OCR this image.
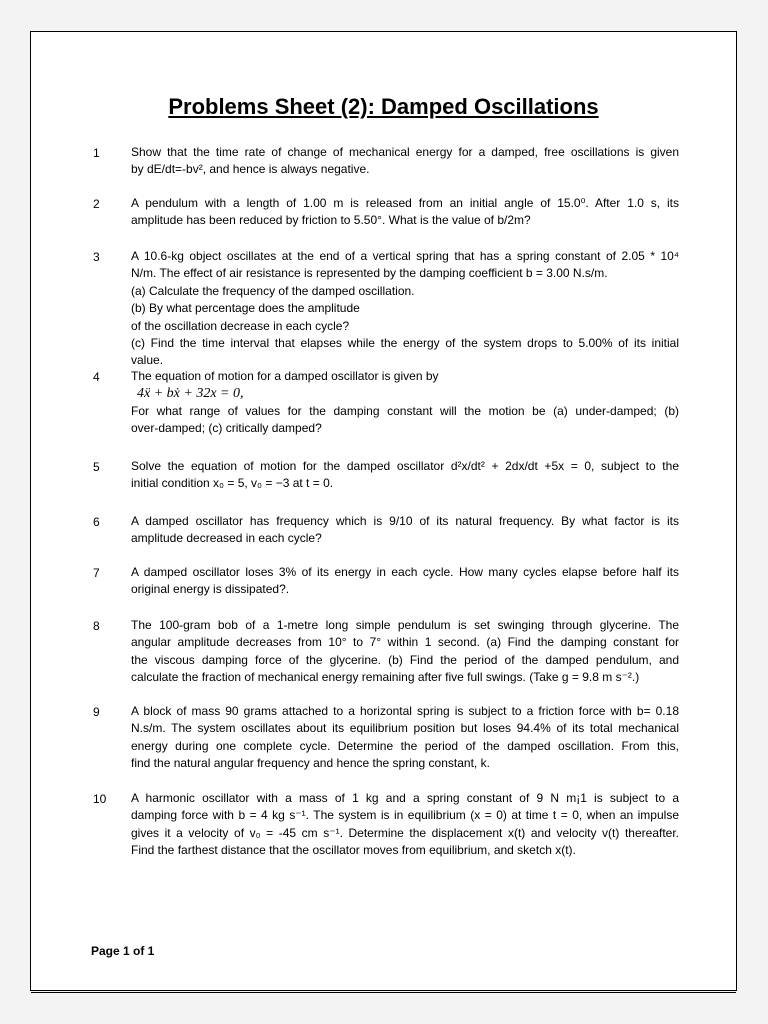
Problems Sheet (2): Damped Oscillations
1	Show that the time rate of change of mechanical energy for a damped, free oscillations is given
by dE/dt=-bv², and hence is always negative.
2	A pendulum with a length of 1.00 m is released from an initial angle of 15.0⁰. After 1.0 s, its
amplitude has been reduced by friction to 5.50°. What is the value of b/2m?
3	A 10.6-kg object oscillates at the end of a vertical spring that has a spring constant of 2.05 * 10⁴
N/m. The effect of air resistance is represented by the damping coefficient b = 3.00 N.s/m.
(a) Calculate the frequency of the damped oscillation.
(b) By what percentage does the amplitude
of the oscillation decrease in each cycle?
(c) Find the time interval that elapses while the energy of the system drops to 5.00% of its initial
value.
4	The equation of motion for a damped oscillator is given by
4ẍ + bẋ + 32x = 0,
For what range of values for the damping constant will the motion be (a) under-damped; (b)
over-damped; (c) critically damped?
5	Solve the equation of motion for the damped oscillator d²x/dt² + 2dx/dt +5x = 0, subject to the
initial condition x₀ = 5, v₀ = −3 at t = 0.
6	A damped oscillator has frequency which is 9/10 of its natural frequency. By what factor is its
amplitude decreased in each cycle?
7	A damped oscillator loses 3% of its energy in each cycle. How many cycles elapse before half its
original energy is dissipated?.
8	The 100-gram bob of a 1-metre long simple pendulum is set swinging through glycerine. The
angular amplitude decreases from 10° to 7° within 1 second. (a) Find the damping constant for
the viscous damping force of the glycerine. (b) Find the period of the damped pendulum, and
calculate the fraction of mechanical energy remaining after five full swings. (Take g = 9.8 m s⁻².)
9	A block of mass 90 grams attached to a horizontal spring is subject to a friction force with b= 0.18
N.s/m. The system oscillates about its equilibrium position but loses 94.4% of its total mechanical
energy during one complete cycle. Determine the period of the damped oscillation. From this,
find the natural angular frequency and hence the spring constant, k.
10	A harmonic oscillator with a mass of 1 kg and a spring constant of 9 N m¡1 is subject to a
damping force with b = 4 kg s⁻¹. The system is in equilibrium (x = 0) at time t = 0, when an impulse
gives it a velocity of v₀ = -45 cm s⁻¹. Determine the displacement x(t) and velocity v(t) thereafter.
Find the farthest distance that the oscillator moves from equilibrium, and sketch x(t).
Page 1 of 1
